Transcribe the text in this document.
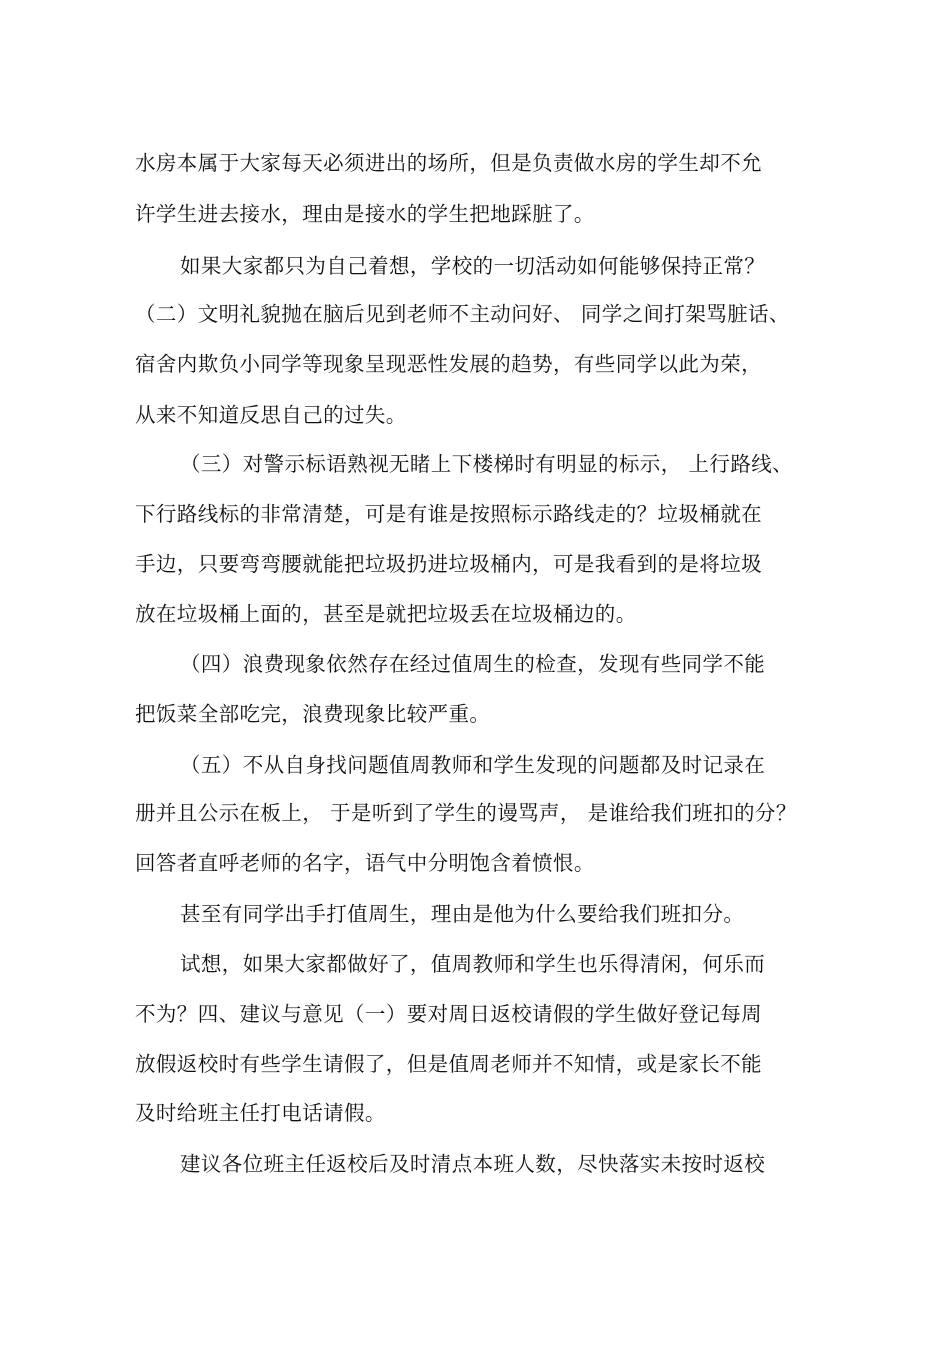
水房本属于大家每天必须进出的场所，但是负责做水房的学生却不允
许学生进去接水，理由是接水的学生把地踩脏了。
如果大家都只为自己着想，学校的一切活动如何能够保持正常？
（二）文明礼貌抛在脑后见到老师不主动问好、 同学之间打架骂脏话、
宿舍内欺负小同学等现象呈现恶性发展的趋势，有些同学以此为荣，
从来不知道反思自己的过失。
（三）对警示标语熟视无睹上下楼梯时有明显的标示， 上行路线、
下行路线标的非常清楚，可是有谁是按照标示路线走的？垃圾桶就在
手边，只要弯弯腰就能把垃圾扔进垃圾桶内，可是我看到的是将垃圾
放在垃圾桶上面的，甚至是就把垃圾丢在垃圾桶边的。
（四）浪费现象依然存在经过值周生的检查，发现有些同学不能
把饭菜全部吃完，浪费现象比较严重。
（五）不从自身找问题值周教师和学生发现的问题都及时记录在
册并且公示在板上， 于是听到了学生的谩骂声， 是谁给我们班扣的分？
回答者直呼老师的名字，语气中分明饱含着愤恨。
甚至有同学出手打值周生，理由是他为什么要给我们班扣分。
试想，如果大家都做好了，值周教师和学生也乐得清闲，何乐而
不为？四、建议与意见（一）要对周日返校请假的学生做好登记每周
放假返校时有些学生请假了，但是值周老师并不知情，或是家长不能
及时给班主任打电话请假。
建议各位班主任返校后及时清点本班人数，尽快落实未按时返校
